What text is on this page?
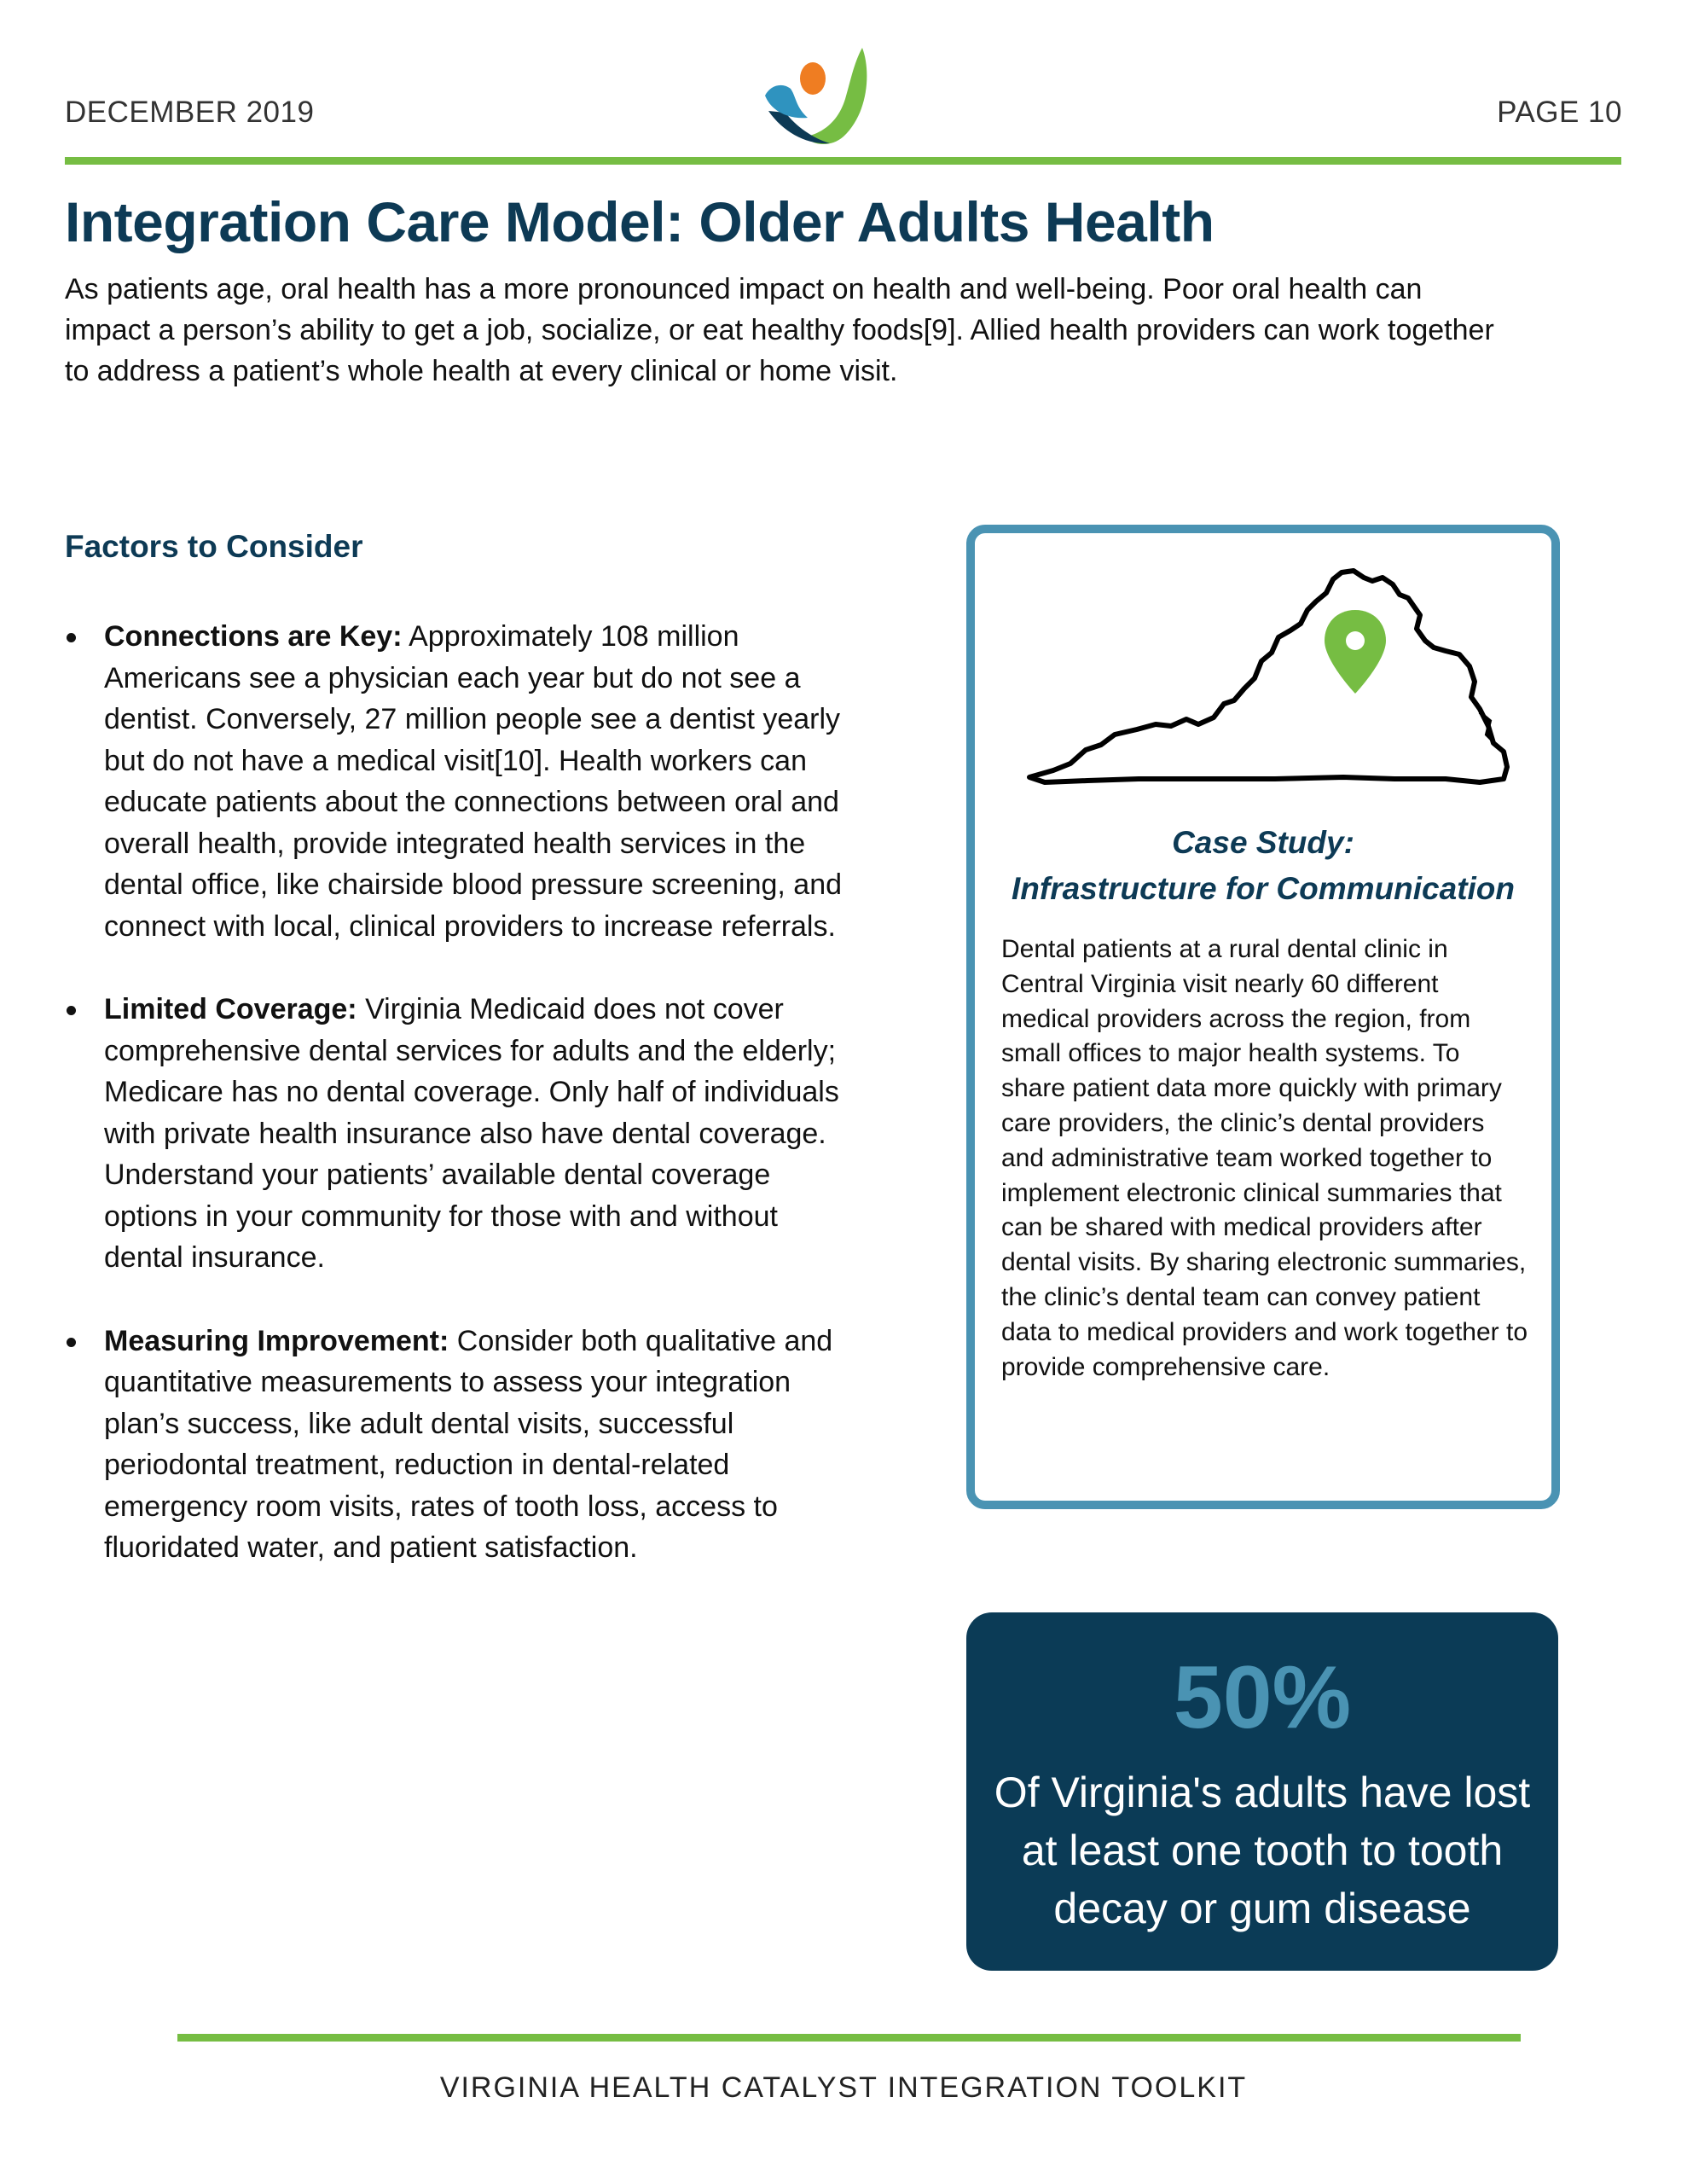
DECEMBER 2019	PAGE 10
Integration Care Model: Older Adults Health

As patients age, oral health has a more pronounced impact on health and well-being. Poor oral health can impact a person’s ability to get a job, socialize, or eat healthy foods[9]. Allied health providers can work together to address a patient’s whole health at every clinical or home visit.

Factors to Consider
Connections are Key: Approximately 108 million Americans see a physician each year but do not see a dentist. Conversely, 27 million people see a dentist yearly but do not have a medical visit[10]. Health workers can educate patients about the connections between oral and overall health, provide integrated health services in the dental office, like chairside blood pressure screening, and connect with local, clinical providers to increase referrals.
Limited Coverage: Virginia Medicaid does not cover comprehensive dental services for adults and the elderly; Medicare has no dental coverage. Only half of individuals with private health insurance also have dental coverage. Understand your patients’ available dental coverage options in your community for those with and without dental insurance.
Measuring Improvement: Consider both qualitative and quantitative measurements to assess your integration plan’s success, like adult dental visits, successful periodontal treatment, reduction in dental-related emergency room visits, rates of tooth loss, access to fluoridated water, and patient satisfaction.
Case Study:
Infrastructure for Communication

Dental patients at a rural dental clinic in Central Virginia visit nearly 60 different medical providers across the region, from small offices to major health systems. To share patient data more quickly with primary care providers, the clinic’s dental providers and administrative team worked together to implement electronic clinical summaries that can be shared with medical providers after dental visits. By sharing electronic summaries, the clinic’s dental team can convey patient data to medical providers and work together to provide comprehensive care.

50%

Of Virginia's adults have lost at least one tooth to tooth decay or gum disease

VIRGINIA HEALTH CATALYST INTEGRATION TOOLKIT
